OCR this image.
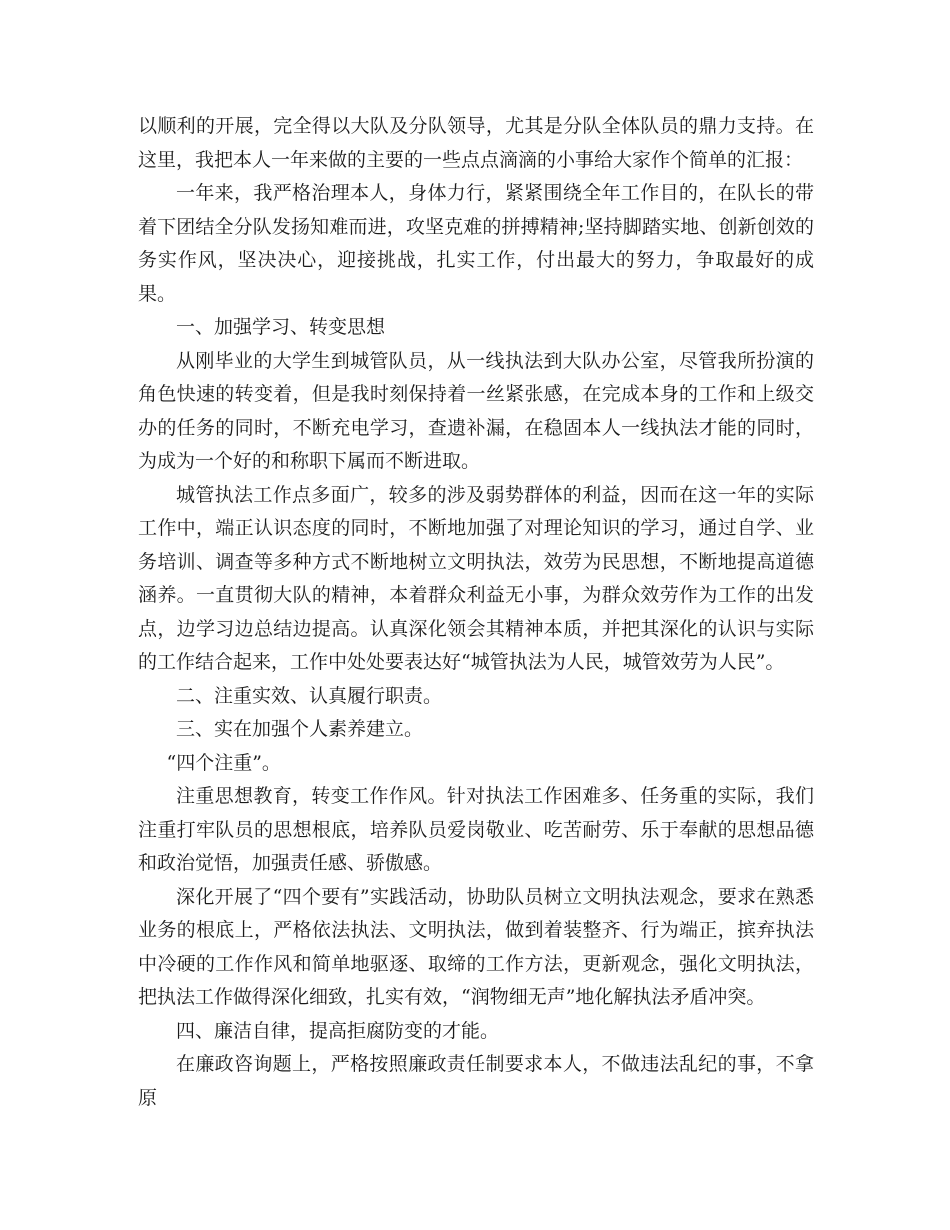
以顺利的开展，完全得以大队及分队领导，尤其是分队全体队员的鼎力支持。在这里，我把本人一年来做的主要的一些点点滴滴的小事给大家作个简单的汇报：

一年来，我严格治理本人，身体力行，紧紧围绕全年工作目的，在队长的带着下团结全分队发扬知难而进，攻坚克难的拼搏精神;坚持脚踏实地、创新创效的务实作风，坚决决心，迎接挑战，扎实工作，付出最大的努力，争取最好的成果。

一、加强学习、转变思想

从刚毕业的大学生到城管队员，从一线执法到大队办公室，尽管我所扮演的角色快速的转变着，但是我时刻保持着一丝紧张感，在完成本身的工作和上级交办的任务的同时，不断充电学习，查遗补漏，在稳固本人一线执法才能的同时，为成为一个好的和称职下属而不断进取。

城管执法工作点多面广，较多的涉及弱势群体的利益，因而在这一年的实际工作中，端正认识态度的同时，不断地加强了对理论知识的学习，通过自学、业务培训、调查等多种方式不断地树立文明执法，效劳为民思想，不断地提高道德涵养。一直贯彻大队的精神，本着群众利益无小事，为群众效劳作为工作的出发点，边学习边总结边提高。认真深化领会其精神本质，并把其深化的认识与实际的工作结合起来，工作中处处要表达好“城管执法为人民，城管效劳为人民”。

二、注重实效、认真履行职责。

三、实在加强个人素养建立。

“四个注重”。

注重思想教育，转变工作作风。针对执法工作困难多、任务重的实际，我们注重打牢队员的思想根底，培养队员爱岗敬业、吃苦耐劳、乐于奉献的思想品德和政治觉悟，加强责任感、骄傲感。

深化开展了“四个要有”实践活动，协助队员树立文明执法观念，要求在熟悉业务的根底上，严格依法执法、文明执法，做到着装整齐、行为端正，摈弃执法中冷硬的工作作风和简单地驱逐、取缔的工作方法，更新观念，强化文明执法，把执法工作做得深化细致，扎实有效，“润物细无声”地化解执法矛盾冲突。

四、廉洁自律，提高拒腐防变的才能。

在廉政咨询题上，严格按照廉政责任制要求本人，不做违法乱纪的事，不拿原
